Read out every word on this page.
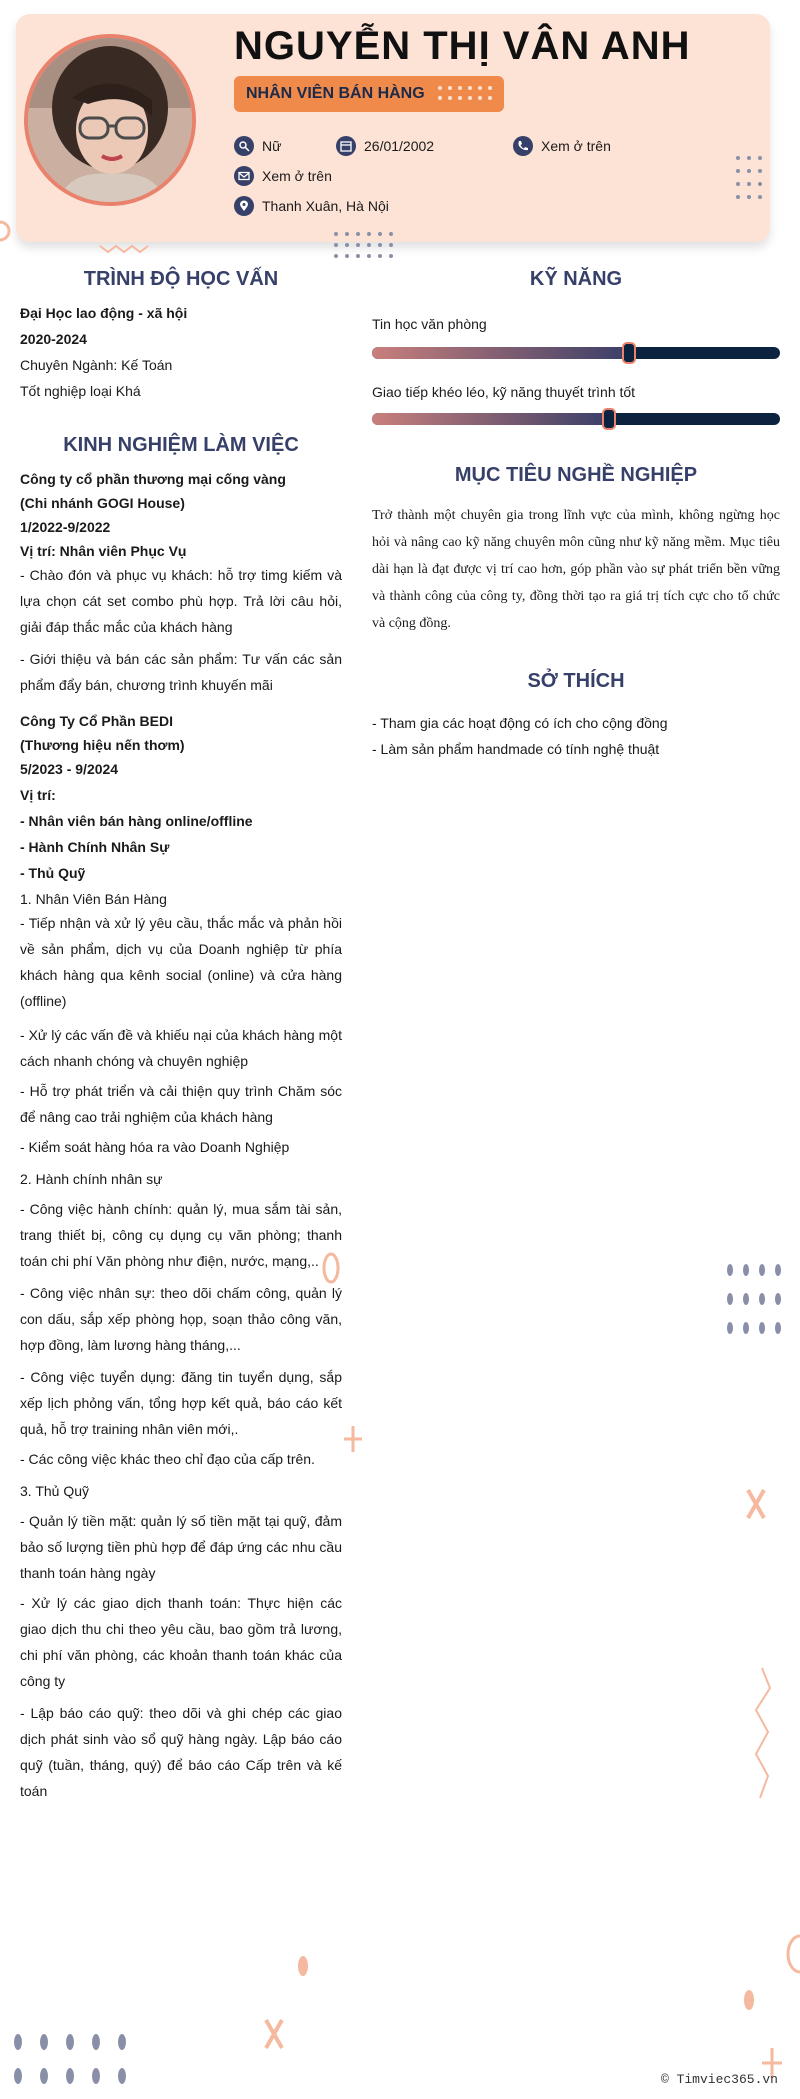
NGUYỄN THỊ VÂN ANH
NHÂN VIÊN BÁN HÀNG
Nữ	26/01/2002	Xem ở trên
Xem ở trên
Thanh Xuân, Hà Nội
TRÌNH ĐỘ HỌC VẤN
Đại Học lao động - xã hội
2020-2024
Chuyên Ngành: Kế Toán
Tốt nghiệp loại Khá
KINH NGHIỆM LÀM VIỆC
Công ty cổ phần thương mại cống vàng
(Chi nhánh GOGI House)
1/2022-9/2022
Vị trí: Nhân viên Phục Vụ
- Chào đón và phục vụ khách: hỗ trợ timg kiếm và lựa chọn cát set combo phù hợp. Trả lời câu hỏi, giải đáp thắc mắc của khách hàng
- Giới thiệu và bán các sản phẩm: Tư vấn các sản phẩm đẩy bán, chương trình khuyến mãi
Công Ty Cổ Phần BEDI
(Thương hiệu nến thơm)
5/2023 - 9/2024
Vị trí:
- Nhân viên bán hàng online/offline
- Hành Chính Nhân Sự
- Thủ Quỹ
1. Nhân Viên Bán Hàng
- Tiếp nhận và xử lý yêu cầu, thắc mắc và phản hồi về sản phẩm, dịch vụ của Doanh nghiệp từ phía khách hàng qua kênh social (online) và cửa hàng (offline)
- Xử lý các vấn đề và khiếu nại của khách hàng một cách nhanh chóng và chuyên nghiệp
- Hỗ trợ phát triển và cải thiện quy trình Chăm sóc để nâng cao trải nghiệm của khách hàng
- Kiểm soát hàng hóa ra vào Doanh Nghiệp
2. Hành chính nhân sự
- Công việc hành chính: quản lý, mua sắm tài sản, trang thiết bị, công cụ dụng cụ văn phòng; thanh toán chi phí Văn phòng như điện, nước, mạng,..
- Công việc nhân sự: theo dõi chấm công, quản lý con dấu, sắp xếp phòng họp, soạn thảo công văn, hợp đồng, làm lương hàng tháng,...
- Công việc tuyển dụng: đăng tin tuyển dụng, sắp xếp lịch phỏng vấn, tổng hợp kết quả, báo cáo kết quả, hỗ trợ training nhân viên mới,.
- Các công việc khác theo chỉ đạo của cấp trên.
3. Thủ Quỹ
- Quản lý tiền mặt: quản lý số tiền mặt tại quỹ, đảm bảo số lượng tiền phù hợp để đáp ứng các nhu cầu thanh toán hàng ngày
- Xử lý các giao dịch thanh toán: Thực hiện các giao dịch thu chi theo yêu cầu, bao gồm trả lương, chi phí văn phòng, các khoản thanh toán khác của công ty
- Lập báo cáo quỹ: theo dõi và ghi chép các giao dịch phát sinh vào sổ quỹ hàng ngày. Lập báo cáo quỹ (tuần, tháng, quý) để báo cáo Cấp trên và kế toán
KỸ NĂNG
Tin học văn phòng
Giao tiếp khéo léo, kỹ năng thuyết trình tốt
MỤC TIÊU NGHỀ NGHIỆP
Trở thành một chuyên gia trong lĩnh vực của mình, không ngừng học hỏi và nâng cao kỹ năng chuyên môn cũng như kỹ năng mềm. Mục tiêu dài hạn là đạt được vị trí cao hơn, góp phần vào sự phát triển bền vững và thành công của công ty, đồng thời tạo ra giá trị tích cực cho tổ chức và cộng đồng.
SỞ THÍCH
- Tham gia các hoạt động có ích cho cộng đồng
- Làm sản phẩm handmade có tính nghệ thuật
© Timviec365.vn
